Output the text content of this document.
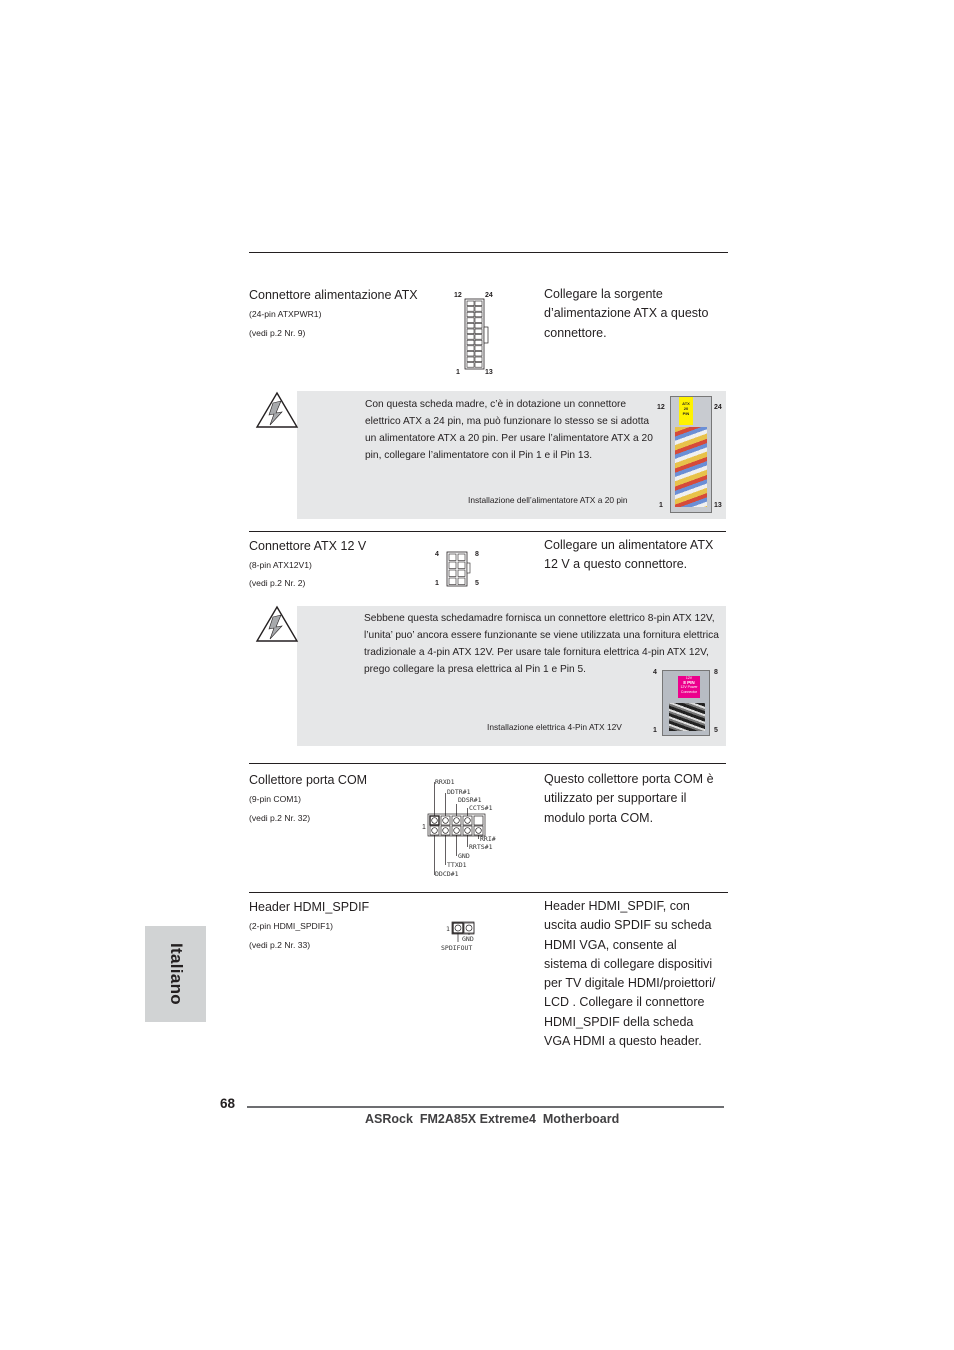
Connettore alimentazione ATX
(24-pin ATXPWR1)
(vedi p.2 Nr. 9)
12	24
1	13
Collegare la sorgente d’alimentazione ATX a questo connettore.
Con questa scheda madre, c’è in dotazione un connettore elettrico ATX a 24 pin, ma può funzionare lo stesso se si adotta un alimentatore ATX a 20 pin. Per usare l’alimentatore ATX a 20 pin, collegare l’alimentatore con il Pin 1 e il Pin 13.
Installazione dell’alimentatore ATX a 20 pin
12	24
1	13
ATX 20 PIN
Connettore ATX 12 V
(8-pin ATX12V1)
(vedi p.2 Nr. 2)
4	8
1	5
Collegare un alimentatore ATX 12 V a questo connettore.
Sebbene questa schedamadre fornisca un connettore elettrico 8-pin ATX 12V, l’unita’ puo’ ancora essere funzionante se viene utilizzata una fornitura elettrica tradizionale a 4-pin ATX 12V. Per usare tale fornitura elettrica 4-pin ATX 12V, prego collegare la presa elettrica al Pin 1 e Pin 5.
Installazione elettrica 4-Pin ATX 12V
4	8
1	5
12V
8 PIN
12V Power Connector
Collettore porta COM
(9-pin COM1)
(vedi p.2 Nr. 32)
Questo collettore porta COM è utilizzato per supportare il modulo porta COM.
1
RRXD1
DDTR#1
DDSR#1
CCTS#1
RRI#
RRTS#1
GND
TTXD1
DDCD#1
Header HDMI_SPDIF
(2-pin HDMI_SPDIF1)
(vedi p.2 Nr. 33)
1
GND
SPDIFOUT
Header HDMI_SPDIF, con
uscita audio SPDIF su scheda
HDMI VGA, consente al
sistema di collegare dispositivi
per TV digitale HDMI/proiettori/
LCD . Collegare il connettore
HDMI_SPDIF della scheda
VGA HDMI a questo header.
Italiano
68
ASRock  FM2A85X Extreme4  Motherboard
